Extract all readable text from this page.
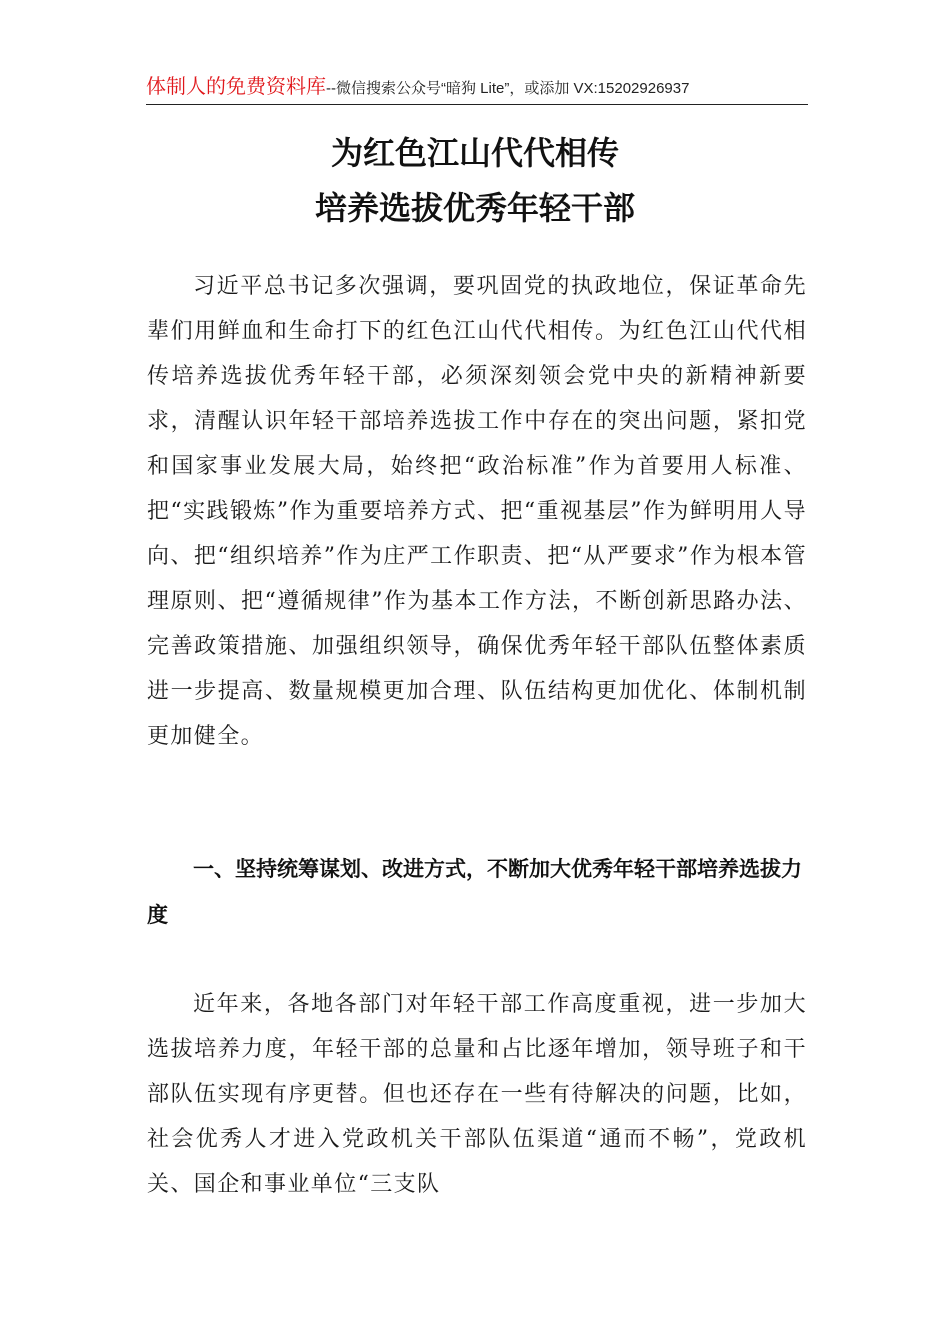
体制人的免费资料库--微信搜索公众号“暗狗 Lite”，或添加 VX:15202926937
为红色江山代代相传
培养选拔优秀年轻干部

习近平总书记多次强调，要巩固党的执政地位，保证革命先辈们用鲜血和生命打下的红色江山代代相传。为红色江山代代相传培养选拔优秀年轻干部，必须深刻领会党中央的新精神新要求，清醒认识年轻干部培养选拔工作中存在的突出问题，紧扣党和国家事业发展大局，始终把“政治标准”作为首要用人标准、把“实践锻炼”作为重要培养方式、把“重视基层”作为鲜明用人导向、把“组织培养”作为庄严工作职责、把“从严要求”作为根本管理原则、把“遵循规律”作为基本工作方法，不断创新思路办法、完善政策措施、加强组织领导，确保优秀年轻干部队伍整体素质进一步提高、数量规模更加合理、队伍结构更加优化、体制机制更加健全。

一、坚持统筹谋划、改进方式，不断加大优秀年轻干部培养选拔力度

近年来，各地各部门对年轻干部工作高度重视，进一步加大选拔培养力度，年轻干部的总量和占比逐年增加，领导班子和干部队伍实现有序更替。但也还存在一些有待解决的问题，比如，社会优秀人才进入党政机关干部队伍渠道“通而不畅”，党政机关、国企和事业单位“三支队
